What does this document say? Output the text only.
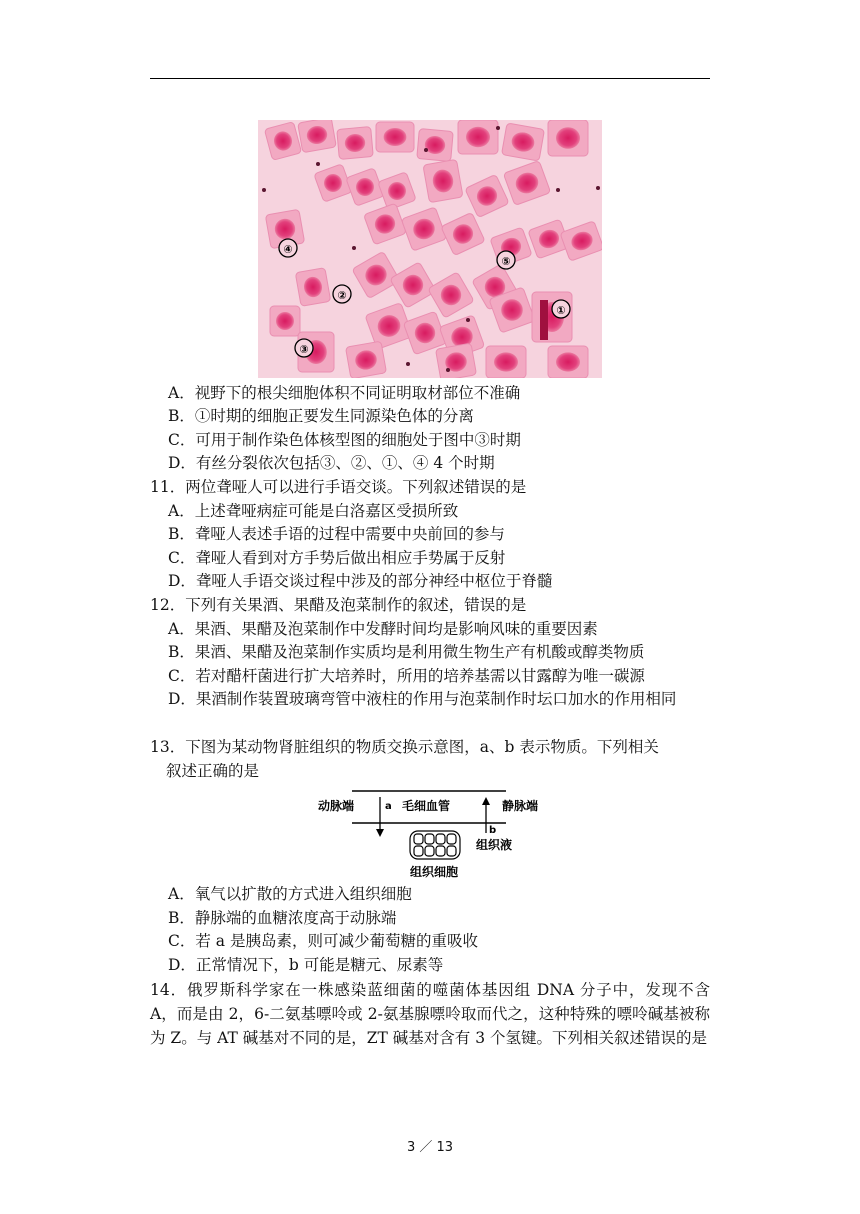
④
⑤
②
①
③
A．视野下的根尖细胞体积不同证明取材部位不准确
B．①时期的细胞正要发生同源染色体的分离
C．可用于制作染色体核型图的细胞处于图中③时期
D．有丝分裂依次包括③、②、①、④ 4 个时期
11．两位聋哑人可以进行手语交谈。下列叙述错误的是
A．上述聋哑病症可能是白洛嘉区受损所致
B．聋哑人表述手语的过程中需要中央前回的参与
C．聋哑人看到对方手势后做出相应手势属于反射
D．聋哑人手语交谈过程中涉及的部分神经中枢位于脊髓
12．下列有关果酒、果醋及泡菜制作的叙述，错误的是
A．果酒、果醋及泡菜制作中发酵时间均是影响风味的重要因素
B．果酒、果醋及泡菜制作实质均是利用微生物生产有机酸或醇类物质
C．若对醋杆菌进行扩大培养时，所用的培养基需以甘露醇为唯一碳源
D．果酒制作装置玻璃弯管中液柱的作用与泡菜制作时坛口加水的作用相同
13．下图为某动物肾脏组织的物质交换示意图，a、b 表示物质。下列相关
叙述正确的是
动脉端	毛细血管	静脉端
a
b
组织液
组织细胞
A．氧气以扩散的方式进入组织细胞
B．静脉端的血糖浓度高于动脉端
C．若 a 是胰岛素，则可减少葡萄糖的重吸收
D．正常情况下，b 可能是糖元、尿素等
14．俄罗斯科学家在一株感染蓝细菌的噬菌体基因组 DNA 分子中，发现不含 A，而是由 2，6-二氨基嘌呤或 2-氨基腺嘌呤取而代之，这种特殊的嘌呤碱基被称为 Z。与 AT 碱基对不同的是，ZT 碱基对含有 3 个氢键。下列相关叙述错误的是
3 ／ 13
